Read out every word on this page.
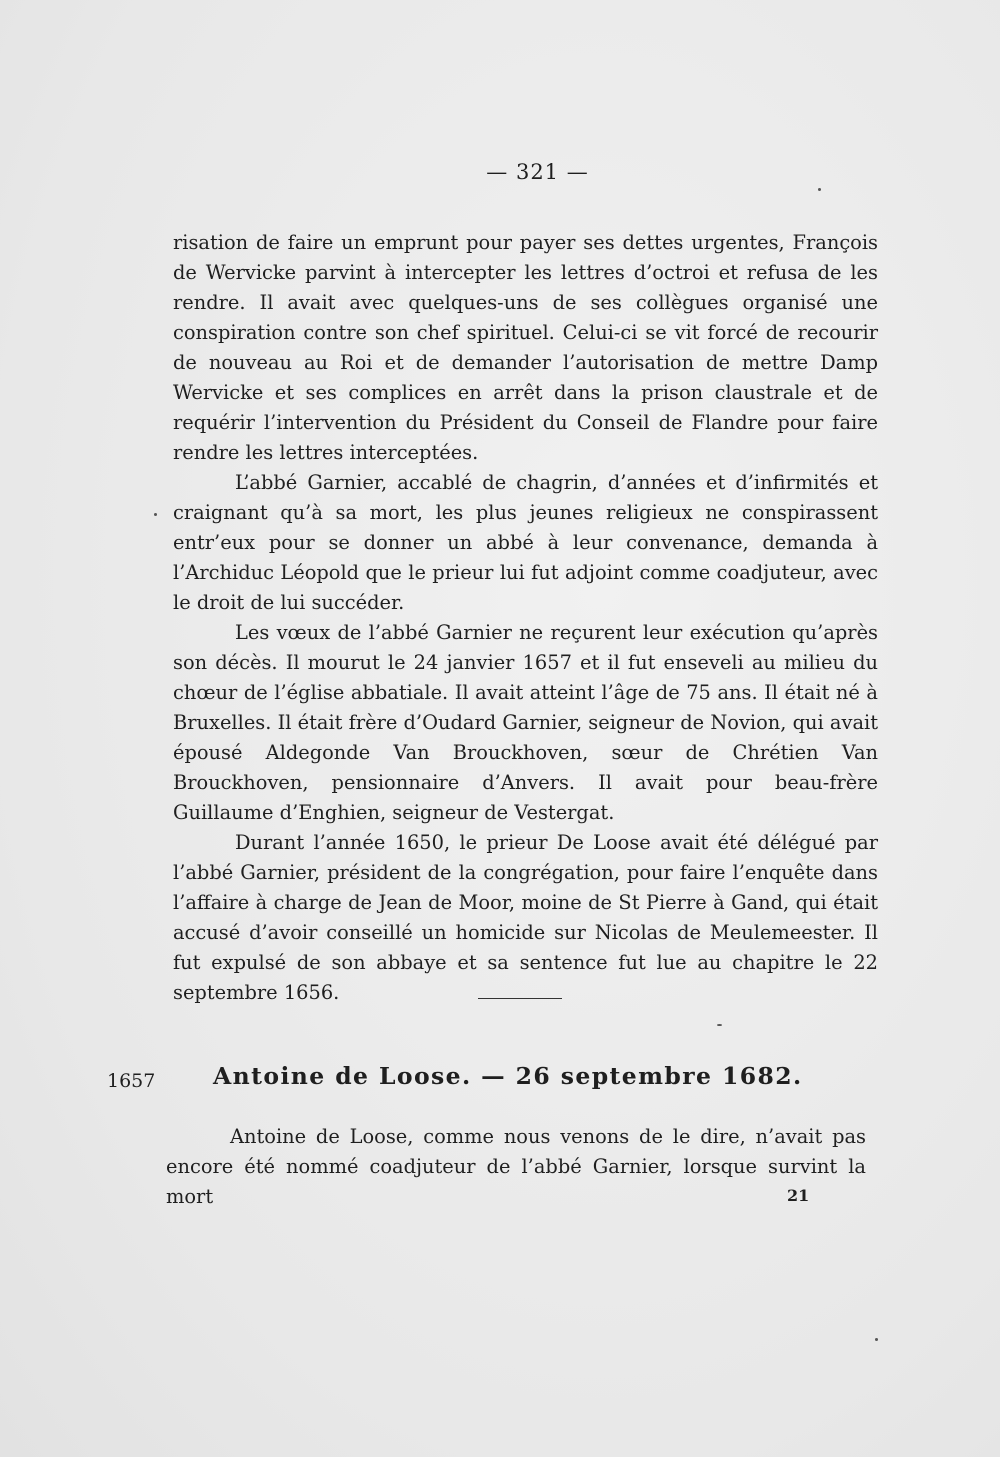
— 321 —

risation de faire un emprunt pour payer ses dettes urgentes, François de Wervicke parvint à intercepter les lettres d’octroi et refusa de les rendre. Il avait avec quelques-uns de ses collègues organisé une conspiration contre son chef spirituel. Celui-ci se vit forcé de recourir de nouveau au Roi et de demander l’autorisation de mettre Damp Wervicke et ses complices en arrêt dans la prison claustrale et de requérir l’intervention du Président du Conseil de Flandre pour faire rendre les lettres interceptées.

L’abbé Garnier, accablé de chagrin, d’années et d’infirmités et craignant qu’à sa mort, les plus jeunes religieux ne conspirassent entr’eux pour se donner un abbé à leur convenance, demanda à l’Archiduc Léopold que le prieur lui fut adjoint comme coadjuteur, avec le droit de lui succéder.

Les vœux de l’abbé Garnier ne reçurent leur exécution qu’après son décès. Il mourut le 24 janvier 1657 et il fut enseveli au milieu du chœur de l’église abbatiale. Il avait atteint l’âge de 75 ans. Il était né à Bruxelles. Il était frère d’Oudard Garnier, seigneur de Novion, qui avait épousé Aldegonde Van Brouckhoven, sœur de Chrétien Van Brouckhoven, pensionnaire d’Anvers. Il avait pour beau-frère Guillaume d’Enghien, seigneur de Vestergat.

Durant l’année 1650, le prieur De Loose avait été délégué par l’abbé Garnier, président de la congrégation, pour faire l’enquête dans l’affaire à charge de Jean de Moor, moine de St Pierre à Gand, qui était accusé d’avoir conseillé un homicide sur Nicolas de Meulemeester. Il fut expulsé de son abbaye et sa sentence fut lue au chapitre le 22 septembre 1656.

1657 Antoine de Loose. — 26 septembre 1682.

Antoine de Loose, comme nous venons de le dire, n’avait pas encore été nommé coadjuteur de l’abbé Garnier, lorsque survint la mort	21
